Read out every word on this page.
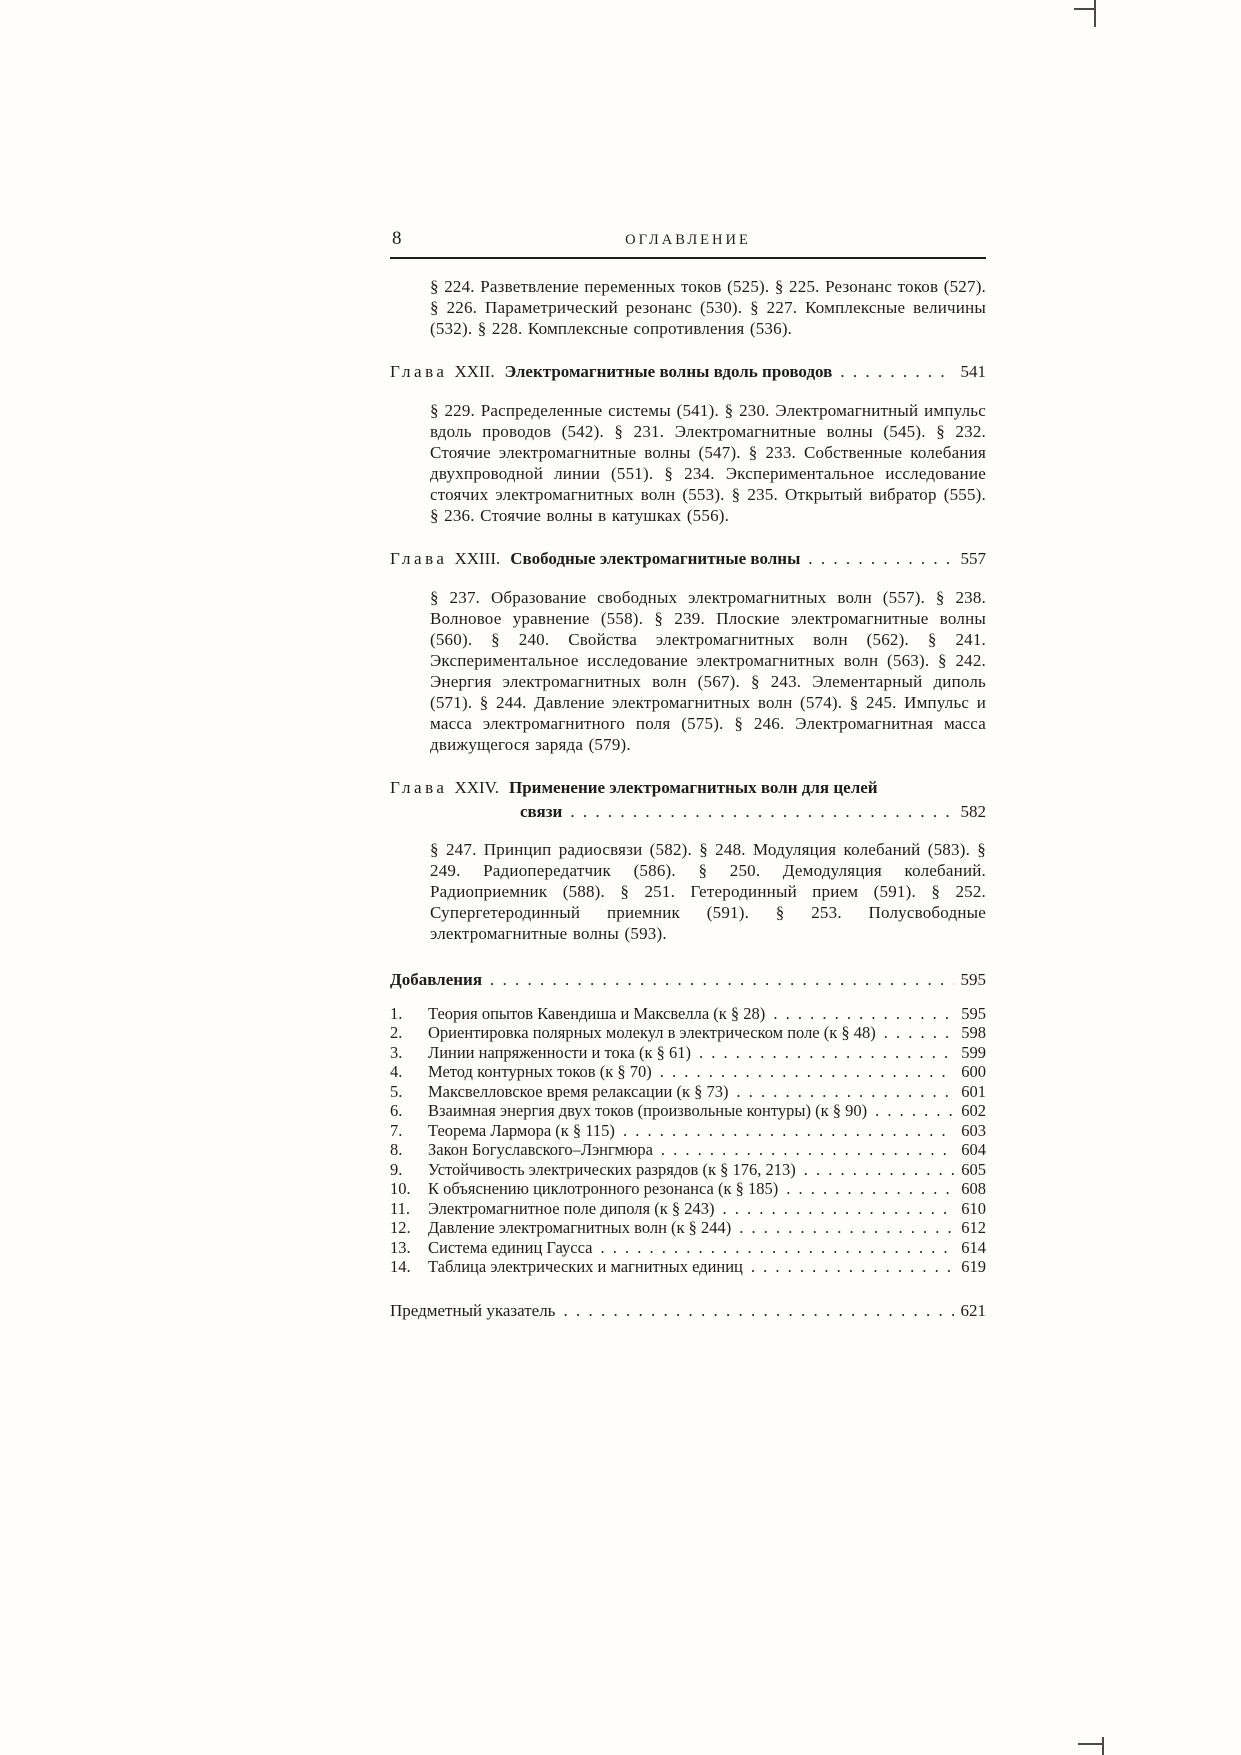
8	ОГЛАВЛЕНИЕ

§ 224. Разветвление переменных токов (525). § 225. Резонанс токов (527). § 226. Параметрический резонанс (530). § 227. Комплексные величины (532). § 228. Комплексные сопротивления (536).

Глава XXII. Электромагнитные волны вдоль проводов . . .	541

§ 229. Распределенные системы (541). § 230. Электромагнитный импульс вдоль проводов (542). § 231. Электромагнитные волны (545). § 232. Стоячие электромагнитные волны (547). § 233. Собственные колебания двухпроводной линии (551). § 234. Экспериментальное исследование стоячих электромагнитных волн (553). § 235. Открытый вибратор (555). § 236. Стоячие волны в катушках (556).

Глава XXIII. Свободные электромагнитные волны . . .	557

§ 237. Образование свободных электромагнитных волн (557). § 238. Волновое уравнение (558). § 239. Плоские электромагнитные волны (560). § 240. Свойства электромагнитных волн (562). § 241. Экспериментальное исследование электромагнитных волн (563). § 242. Энергия электромагнитных волн (567). § 243. Элементарный диполь (571). § 244. Давление электромагнитных волн (574). § 245. Импульс и масса электромагнитного поля (575). § 246. Электромагнитная масса движущегося заряда (579).

Глава XXIV. Применение электромагнитных волн для целей
связи . . .	582

§ 247. Принцип радиосвязи (582). § 248. Модуляция колебаний (583). § 249. Радиопередатчик (586). § 250. Демодуляция колебаний. Радиоприемник (588). § 251. Гетеродинный прием (591). § 252. Супергетеродинный приемник (591). § 253. Полусвободные электромагнитные волны (593).

Добавления . . .	595
1.	Теория опытов Кавендиша и Максвелла (к § 28) . . .	595
2.	Ориентировка полярных молекул в электрическом поле (к § 48) . . .	598
3.	Линии напряженности и тока (к § 61) . . .	599
4.	Метод контурных токов (к § 70) . . .	600
5.	Максвелловское время релаксации (к § 73) . . .	601
6.	Взаимная энергия двух токов (произвольные контуры) (к § 90) . . .	602
7.	Теорема Лармора (к § 115) . . .	603
8.	Закон Богуславского–Лэнгмюра . . .	604
9.	Устойчивость электрических разрядов (к § 176, 213) . . .	605
10.	К объяснению циклотронного резонанса (к § 185) . . .	608
11.	Электромагнитное поле диполя (к § 243) . . .	610
12.	Давление электромагнитных волн (к § 244) . . .	612
13.	Система единиц Гаусса . . .	614
14.	Таблица электрических и магнитных единиц . . .	619
Предметный указатель . . .	621
